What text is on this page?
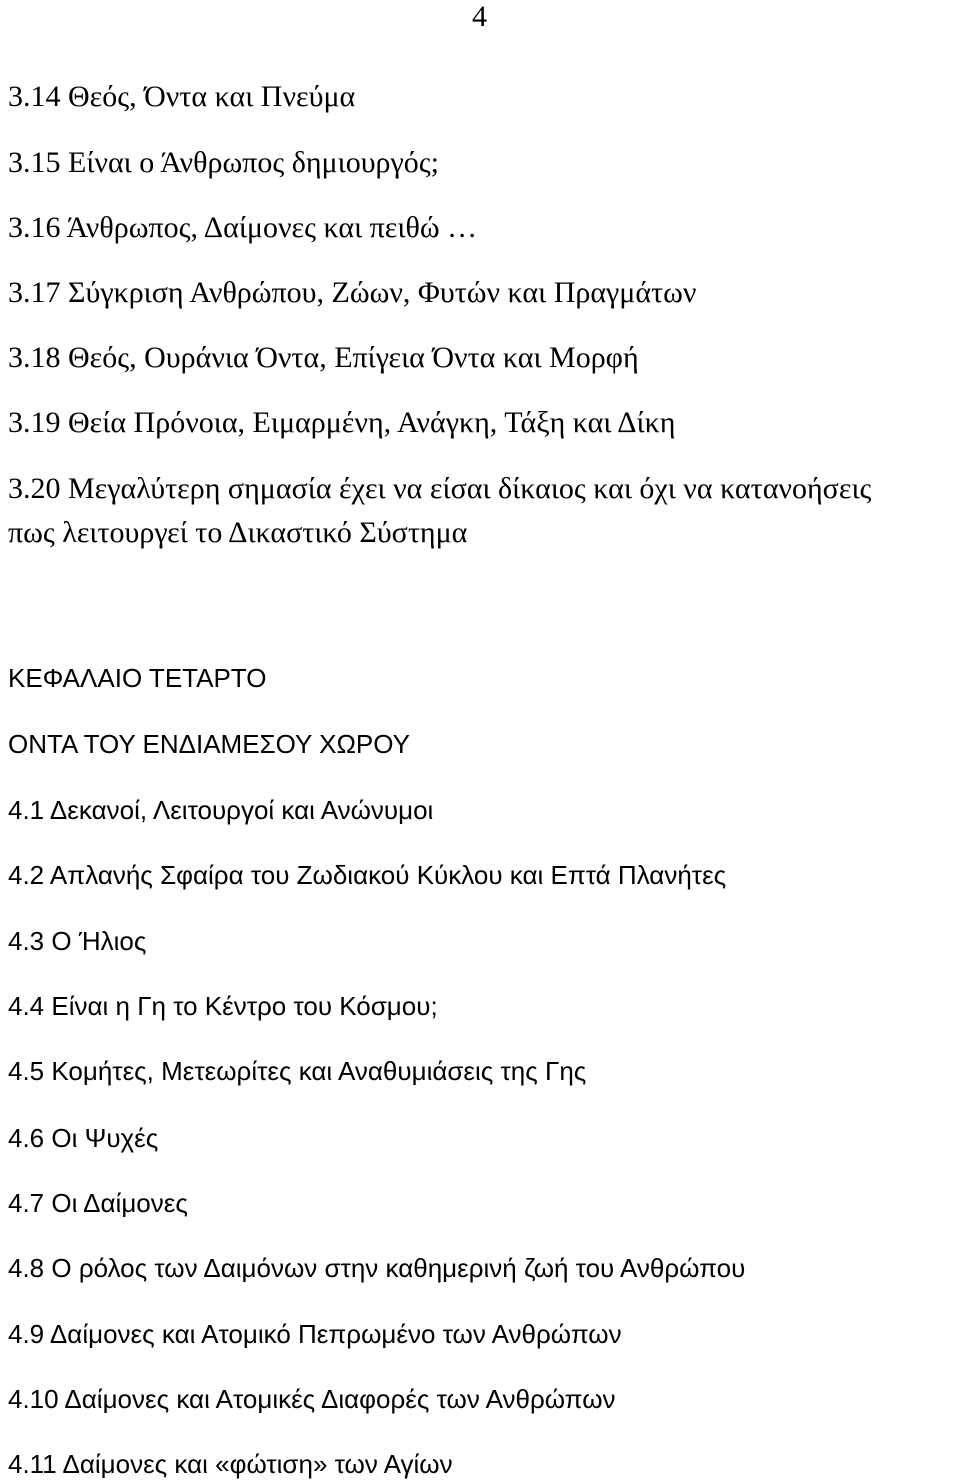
4
3.14 Θεός, Όντα και Πνεύμα
3.15 Είναι ο Άνθρωπος δημιουργός;
3.16 Άνθρωπος, Δαίμονες και πειθώ …
3.17 Σύγκριση Ανθρώπου, Ζώων, Φυτών και Πραγμάτων
3.18 Θεός, Ουράνια Όντα, Επίγεια Όντα και Μορφή
3.19 Θεία Πρόνοια, Ειμαρμένη, Ανάγκη, Τάξη και Δίκη
3.20 Μεγαλύτερη σημασία έχει να είσαι δίκαιος και όχι να κατανοήσεις
πως λειτουργεί το Δικαστικό Σύστημα
ΚΕΦΑΛΑΙΟ ΤΕΤΑΡΤΟ
ΟΝΤΑ ΤΟΥ ΕΝΔΙΑΜΕΣΟΥ ΧΩΡΟΥ
4.1 Δεκανοί, Λειτουργοί και Ανώνυμοι
4.2 Απλανής Σφαίρα του Ζωδιακού Κύκλου και Επτά Πλανήτες
4.3 Ο Ήλιος
4.4 Είναι η Γη το Κέντρο του Κόσμου;
4.5 Κομήτες, Μετεωρίτες και Αναθυμιάσεις της Γης
4.6 Οι Ψυχές
4.7 Οι Δαίμονες
4.8 Ο ρόλος των Δαιμόνων στην καθημερινή ζωή του Ανθρώπου
4.9 Δαίμονες και Ατομικό Πεπρωμένο των Ανθρώπων
4.10 Δαίμονες και Ατομικές Διαφορές των Ανθρώπων
4.11 Δαίμονες και «φώτιση» των Αγίων
